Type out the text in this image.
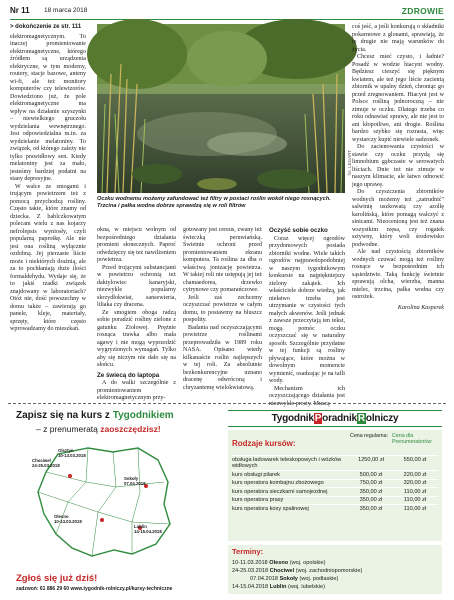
Nr 11 18 marca 2018	ZDROWIE

> dokończenie ze str. 111

elektromagnetycznym. To inaczej promieniowanie elektromagnetyczne, którego źródłem są urządzenia elektryczne, w tym modemy, routery, stacje bazowe, anteny wi-fi, ale też monitory komputerów czy telewizorów. Dowiedziono już, że pole elektromagnetyczne ma wpływ na działanie szyszynki – niewielkiego gruczołu wydzielania wewnętrznego. Jest odpowiedzialna m.in. za wydzielanie melatoniny. To związek, od którego zależy nie tylko prawidłowy sen. Kiedy melatoniny jest za mało, jesteśmy bardziej podatni na stany depresyjne.

W walce ze smogami i trującym powietrzem też z pomocą przychodzą rośliny. Często takie, które znamy od dziecka. Z bablczkowatym polecam wielu z nas kojarzy nefrolepsis wyniosły, czyli popularną paprotkę. Ale nie jest ona rośliną wyłącznie ozdobną. Jej pierzaste liście może i niektórych drażnią, ale za to pochłaniają duże ilości formaldehydu. Wydaje się, że to jakiś rzadki związek znajdowany w laboratoriach? Otóż nie, dość powszechny w domu także – zawierają go panele, kleje, materiały, sprzęty, które często wprowadzamy do mieszkań.

fot. LEGART
Oczku wodnemu możemy zafundować też filtry w postaci roślin wokół niego rosnących. Trzcina i pałka wodna dobrze sprawdzą się w roli filtrów

okna, w miejscu wolnym od bezpośredniego działania promieni słonecznych. Paproć odwdzięczy się też nawilżeniem powietrza.

Przed trującymi substancjami w powietrzu ochronią też daktylowiec kanaryjski, niezwykle popularny skrzydłokwiat, sansewieria, liliaka czy dracena.

Ze smogiem oboga radzą sobie poradzić rośliny zielone z gatunku Ziołowej. Prężnie rosnąca trawka albo mała agawy i nie mogą wyprzedzić wygryzionych wymagań. Tylko aby się niczym nie dało się na słońcu.

Ze świecą do laptopa

A do walki szczególnie z promieniowaniem elektromagnetycznym przy-

gotowany jest cereus, zwany też świeczką peruwiańską. Świetnie ochroni przed promieniowaniem ekranu komputera. Ta roślina za dba o właściwą jonizację powietrza. W takiej roli nie ustępują jej też chamaedorea, drzewko cytrynowe czy pomarańczowe.

Jeśli zaś zechcemy oczyszczać powietrze w całym domu, to postawmy na bluszcz pospolity.

Badania nad oczyszczającymi powietrze roślinami przeprowadziła w 1989 roku NASA. Opisano wtedy kilkanaście roślin najlepszych w tej roli. Za absolutnie bezkonkurencyjne uznano dracenę odwróconą i chryzantemę wielokwiatową.

Oczyść sobie oczko

Coraz więcej ogrodów przydomowych posiada zbiorniki wodne. Wiele takich ogrodów najprawdopodobniej w naszym tygodnikowym konkursie na najpiękniejszy zielony zakątek. Ich właściciele dobrze wiedzą, jak niełatwo trzeba jest utrzymanie w czystości tych małych akwenów. Jeśli jednak z zawsze przeczytają ten tekst, mogą pomóc oczku oczyszczać się w naturalny sposób. Szczególnie przydatne w tej funkcji są rośliny pływające, które można w dowolnym momencie wymienić, osadzając je na tafli wody.

Mechanizm ich oczyszczającego działania jest niezwykle prosty. Muszą

coś jeść, a jeśli konkurują o składniki pokarmowe z glonami, sprawiają, że te drugie nie mają warunków do życia.

Chcesz mieć czysto, i ładnie? Posadź w wodzie hiacynt wodny. Będziesz cieszyć się pięknym kwiatem, ale też jego liście zacienią zbiornik w upalny dzień, chroniąc go przed zregnowaniem. Hiacynt jest w Polsce rośliną jednoroczną – nie zimuje w oczku. Dlatego trzeba co roku odnawiać sprawy, ale nie jest to ani kłopotliwe, ani drogie. Roślina bardzo szybko się rozrasta, więc wystarczy kupić niewiele sadzonek.

Do zacienowania czystości w stawie czy oczku przydą się limnobium gąbczaste w serowatych liściach. Dnie też nie zimuje w naszym klimacie, ale łatwo odnowić jego uprawę.

Do czyszczenia zbiorników wodnych możemy też „zatrudnić" salwinię uszkowatą czy azollę karolińską, które pomagą walczyć z sinicami. Nieocenioną jest też znana wszystkim rzęsa, czy rogatek sztywny, który woli środowisko podwodne.

Ale nad czystością zbiorników wodnych czuwać mogą też rośliny rosnące w bezpośrednim ich sąsiedztwie. Taką funkcję świetnie sprawują olcha, wierzba, manna mielec, trzcina, pałka wodna czy ostrożek.

Karolina Kasperek

Zapisz się na kurs z Tygodnikiem
– z prenumeratą zaoszczędzisz!
Olsztyn
10-13.03.2018
Chociwel
24-25.03.2018
Sokoły
07.04.2018
Olesno
10-13.03.2018
Lublin
14-15.04.2018
Zgłoś się już dziś!
zadzwoń: 61 886 29 60 www.tygodnik-rolniczy.pl/kursy-techniczne
Tygodnik P oradnik R olniczy
Rodzaje kursów:
Cena regularna: Cena dla Prenumeratorów:
obsługa ładowarek teleskopowych i wózków widłowych
1250,00 zł	550,00 zł
kurs obsługi pilarek	500,00 zł	220,00 zł
kurs operatora kombajnu zbożowego	750,00 zł	320,00 zł
kurs operatora sieczkarni samojezdnej	350,00 zł	110,00 zł
kurs operatora prasy	350,00 zł	110,00 zł
kurs operatora kosy spalinowej	350,00 zł	110,00 zł
Terminy:
10-11.03.2018 Olesno (woj. opolskie)
24-25.03.2018 Chociwel (woj. zachodniopomorskie)
07.04.2018 Sokoły (woj. podlaskie)
14-15.04.2018 Lublin (woj. lubelskie)
